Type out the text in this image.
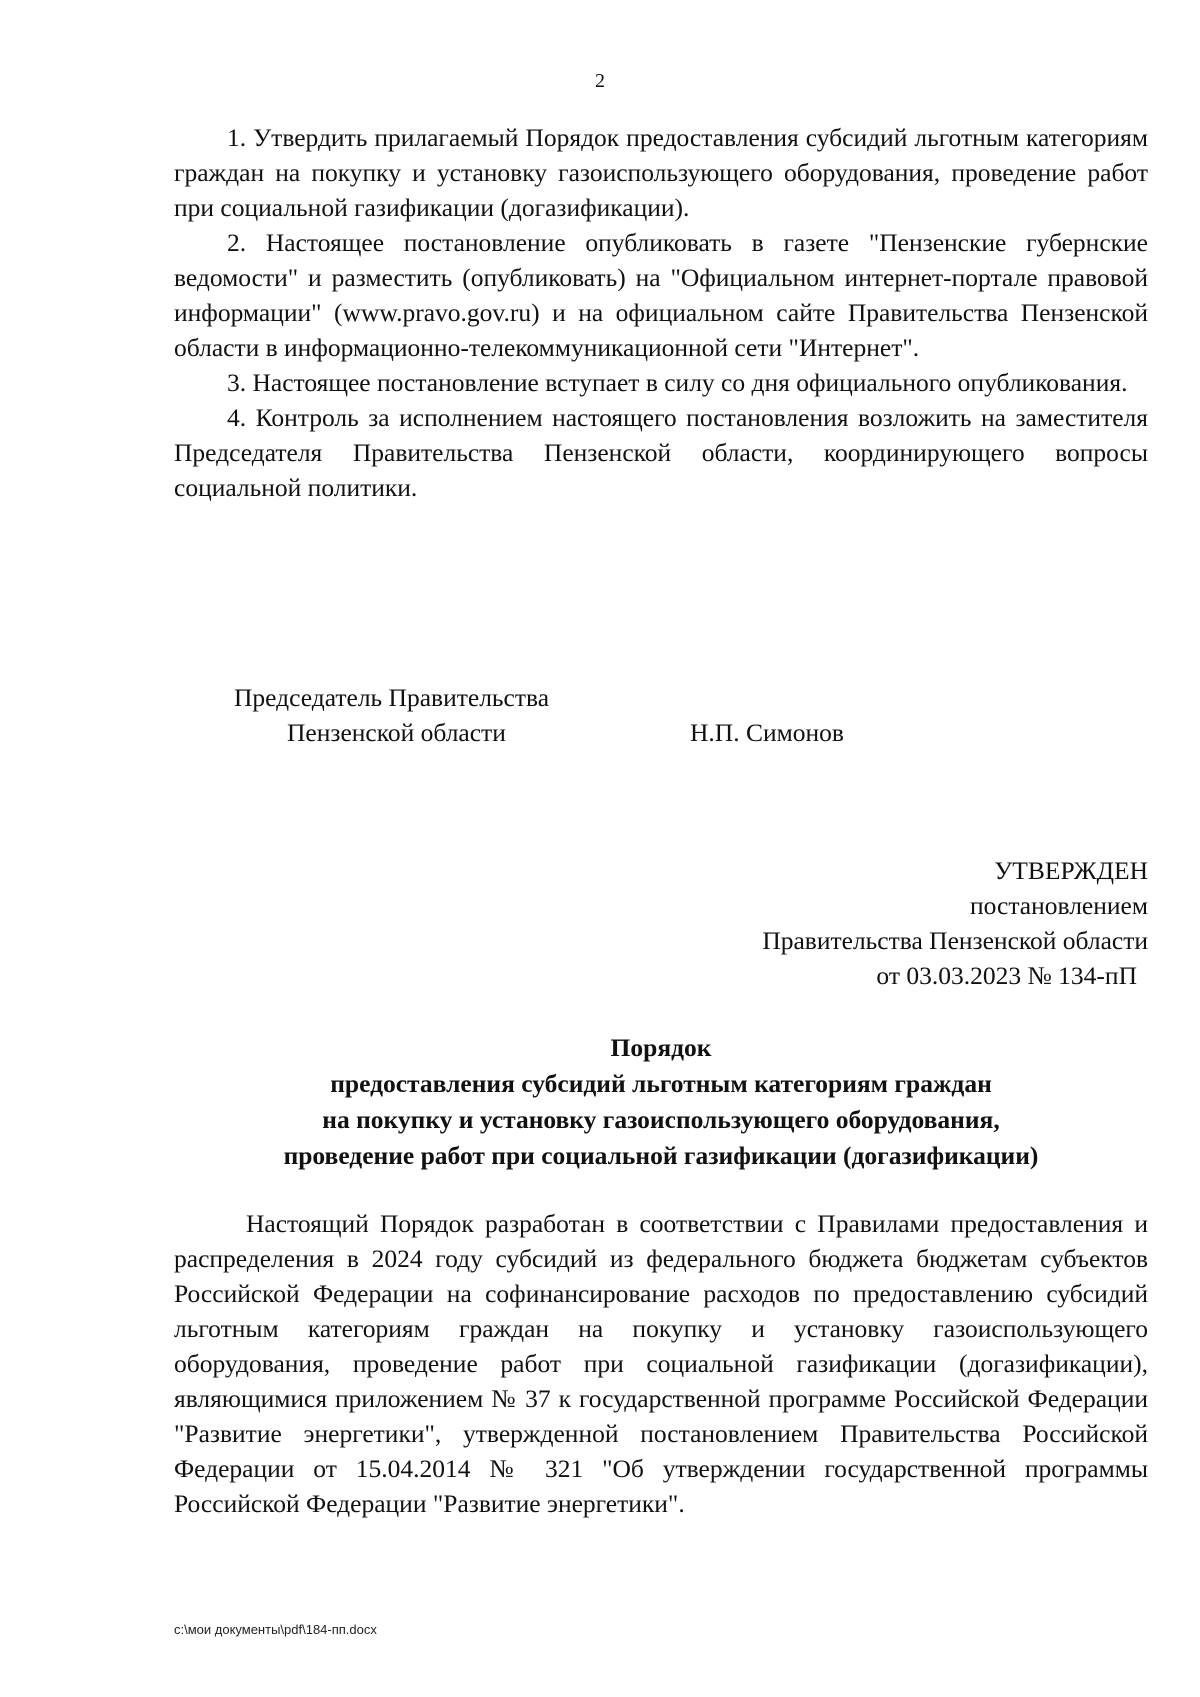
2

1. Утвердить прилагаемый Порядок предоставления субсидий льготным категориям граждан на покупку и установку газоиспользующего оборудования, проведение работ при социальной газификации (догазификации).

2. Настоящее постановление опубликовать в газете "Пензенские губернские ведомости" и разместить (опубликовать) на "Официальном интернет-портале правовой информации" (www.pravo.gov.ru) и на официальном сайте Правительства Пензенской области в информационно-телекоммуникационной сети "Интернет".

3. Настоящее постановление вступает в силу со дня официального опубликования.

4. Контроль за исполнением настоящего постановления возложить на заместителя Председателя Правительства Пензенской области, координирующего вопросы социальной политики.

Председатель Правительства
Пензенской области	Н.П. Симонов
УТВЕРЖДЕН
постановлением
Правительства Пензенской области
от 03.03.2023 № 134-пП
Порядок
предоставления субсидий льготным категориям граждан
на покупку и установку газоиспользующего оборудования,
проведение работ при социальной газификации (догазификации)

Настоящий Порядок разработан в соответствии с Правилами предоставления и распределения в 2024 году субсидий из федерального бюджета бюджетам субъектов Российской Федерации на софинансирование расходов по предоставлению субсидий льготным категориям граждан на покупку и установку газоиспользующего оборудования, проведение работ при социальной газификации (догазификации), являющимися приложением № 37 к государственной программе Российской Федерации "Развитие энергетики", утвержденной постановлением Правительства Российской Федерации от 15.04.2014 № 321 "Об утверждении государственной программы Российской Федерации "Развитие энергетики".

c:\мои документы\pdf\184-пп.docx
